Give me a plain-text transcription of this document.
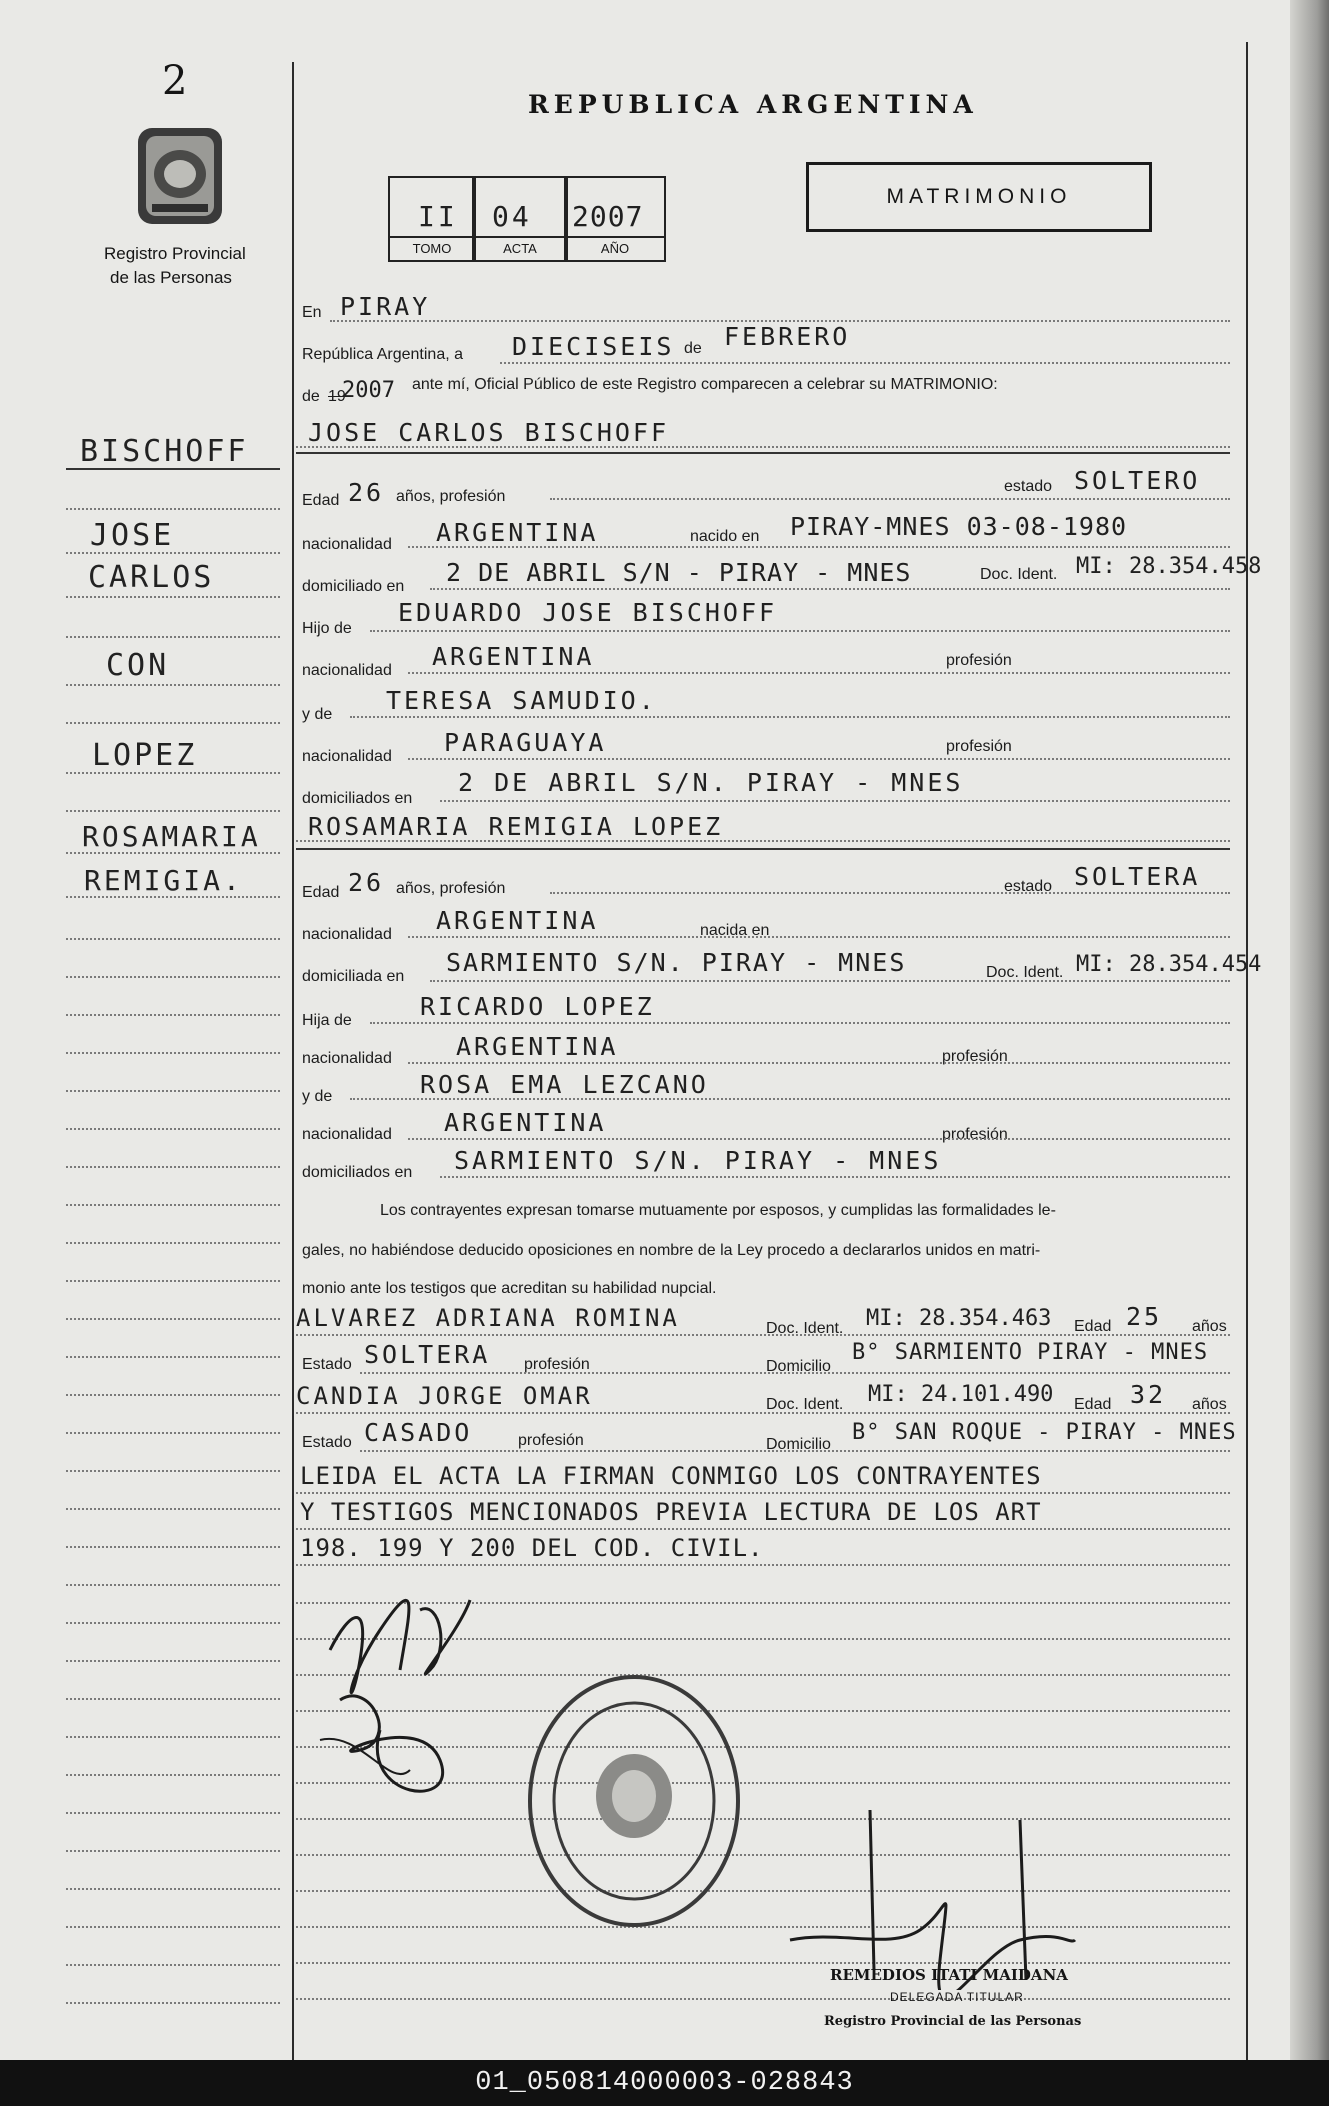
2
Registro Provincial
de las Personas
REPUBLICA ARGENTINA
II 04 2007
TOMO	ACTA	AÑO
MATRIMONIO
BISCHOFF
JOSE
CARLOS
CON
LOPEZ
ROSAMARIA
REMIGIA.
En PIRAY
República Argentina, a DIECISEIS de FEBRERO
de 19
2007 ante mí, Oficial Público de este Registro comparecen a celebrar su MATRIMONIO:
JOSE CARLOS BISCHOFF
Edad 26 años, profesión
estado SOLTERO
nacionalidad ARGENTINA	nacido en PIRAY-MNES 03-08-1980
domiciliado en 2 DE ABRIL S/N - PIRAY - MNES	Doc. Ident. MI: 28.354.458
Hijo de
EDUARDO JOSE BISCHOFF
nacionalidad ARGENTINA	profesión
y de TERESA SAMUDIO.
nacionalidad PARAGUAYA	profesión
domiciliados en
2 DE ABRIL S/N. PIRAY - MNES
ROSAMARIA REMIGIA LOPEZ
Edad 26 años, profesión	estado SOLTERA
nacionalidad ARGENTINA	nacida en
domiciliada en SARMIENTO S/N. PIRAY - MNES	Doc. Ident. MI: 28.354.454
Hija de	RICARDO LOPEZ
nacionalidad	ARGENTINA	profesión
y de	ROSA EMA LEZCANO
nacionalidad ARGENTINA	profesión
domiciliados en SARMIENTO S/N. PIRAY - MNES
Los contrayentes expresan tomarse mutuamente por esposos, y cumplidas las formalidades le-
gales, no habiéndose deducido oposiciones en nombre de la Ley procedo a declararlos unidos en matri-
monio ante los testigos que acreditan su habilidad nupcial.
ALVAREZ ADRIANA ROMINA	Doc. Ident. MI: 28.354.463 Edad 25 años
Estado SOLTERA profesión	Domicilio
B° SARMIENTO PIRAY - MNES
CANDIA JORGE OMAR	Doc. Ident. MI: 24.101.490 Edad 32 años
Estado CASADO	profesión	Domicilio B° SAN ROQUE - PIRAY - MNES
LEIDA EL ACTA LA FIRMAN CONMIGO LOS CONTRAYENTES
Y TESTIGOS MENCIONADOS PREVIA LECTURA DE LOS ART
198. 199 Y 200 DEL COD. CIVIL.
REMEDIOS ITATI MAIDANA
DELEGADA TITULAR
Registro Provincial de las Personas
01_050814000003-028843
